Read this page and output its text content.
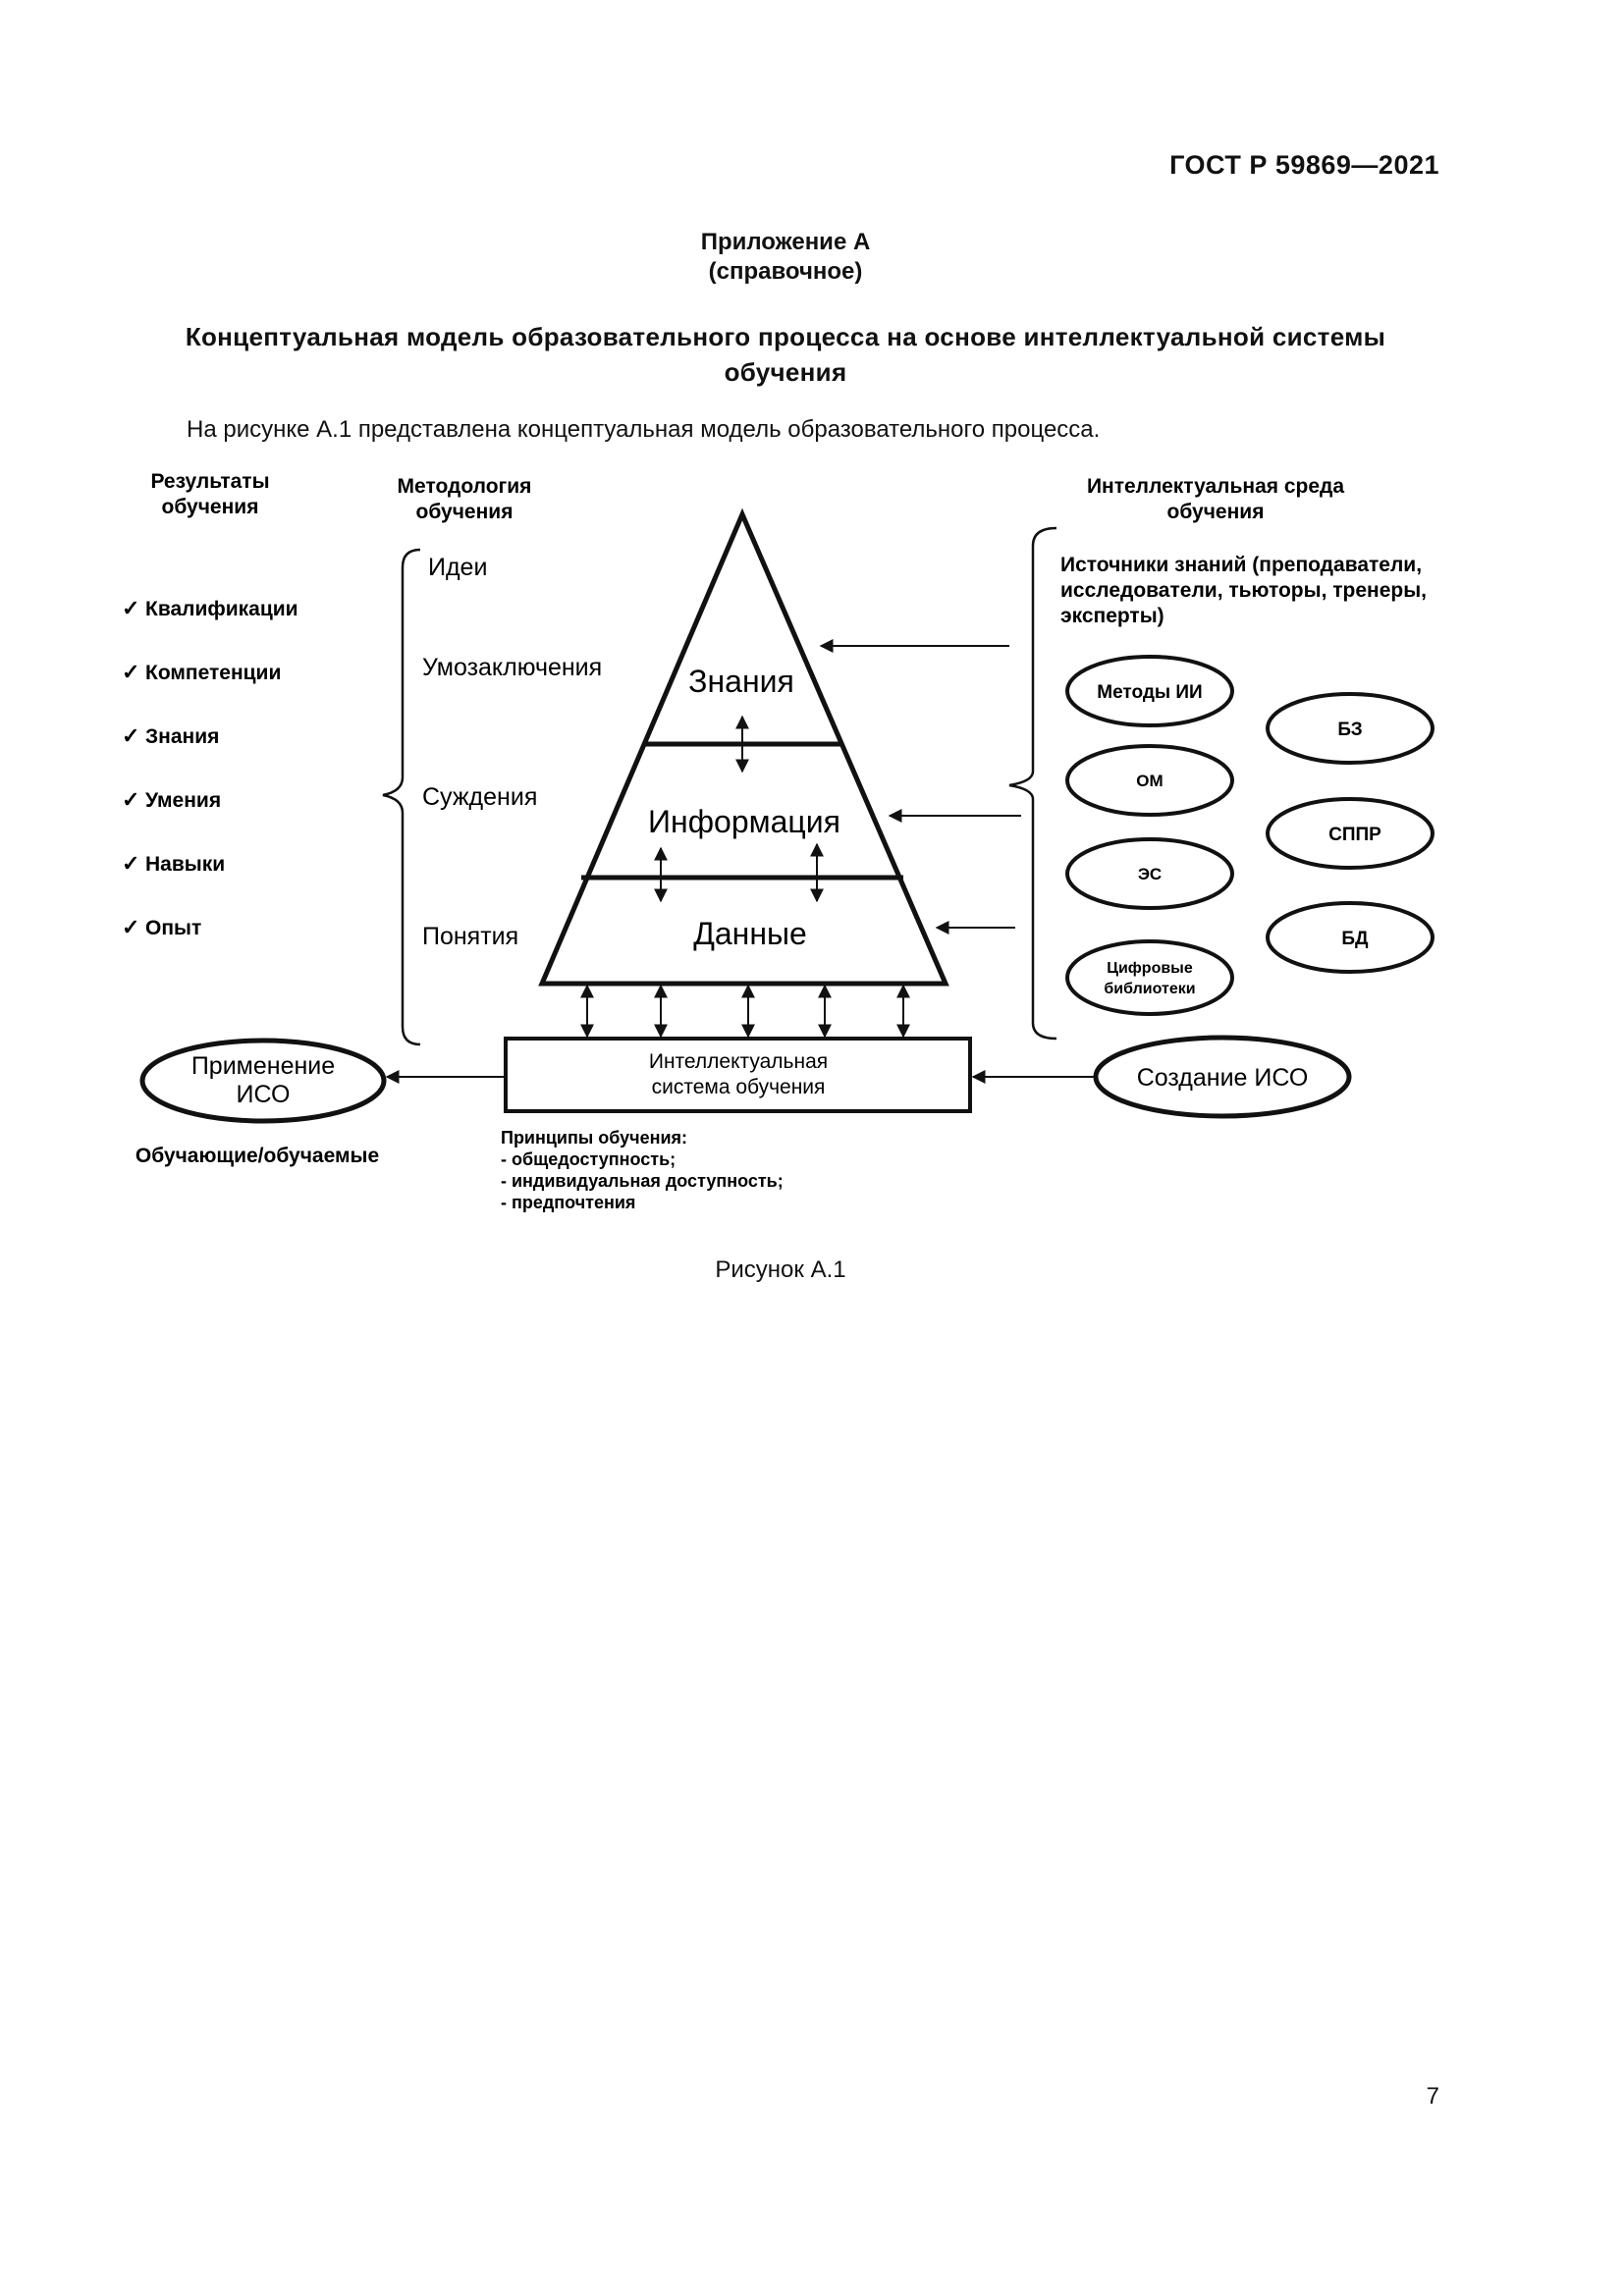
ГОСТ Р 59869—2021
Приложение А
(справочное)
Концептуальная модель образовательного процесса на основе интеллектуальной системы обучения
На рисунке А.1 представлена концептуальная модель образовательного процесса.
Результаты
обучения
Методология
обучения
Интеллектуальная среда
обучения
✓ Квалификации
✓ Компетенции
✓ Знания
✓ Умения
✓ Навыки
✓ Опыт
Идеи
Умозаключения
Суждения
Понятия
Знания
Информация
Данные
Интеллектуальная
система обучения
Применение
ИСО
Обучающие/обучаемые
Создание ИСО
Принципы обучения:
- общедоступность;
- индивидуальная доступность;
- предпочтения
Источники знаний (преподаватели,
исследователи, тьюторы, тренеры,
эксперты)
Методы ИИ
ОМ
ЭС
Цифровые
библиотеки
БЗ
СППР
БД
Рисунок А.1
7
